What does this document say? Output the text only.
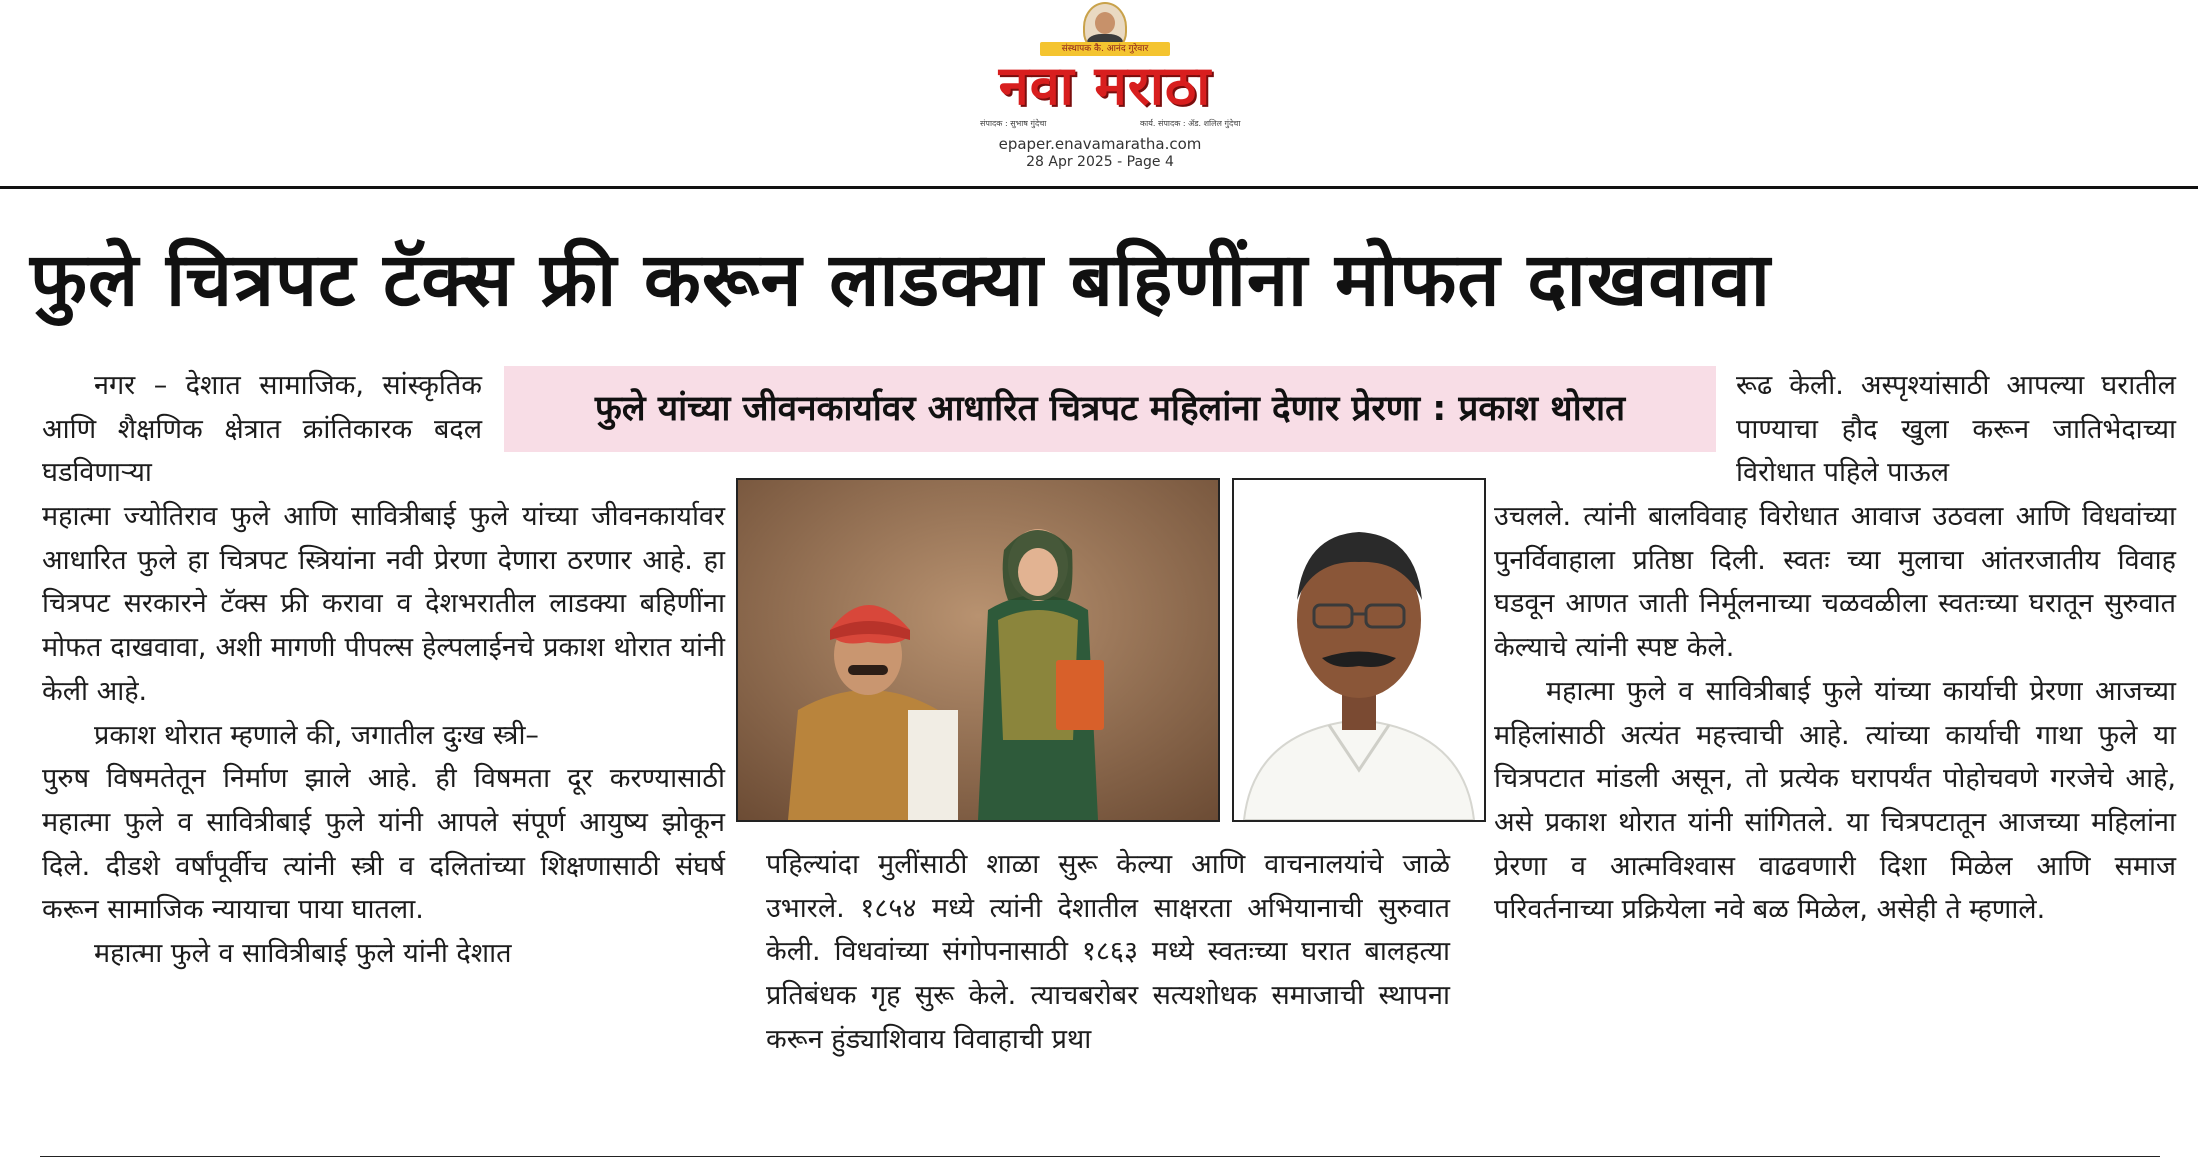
संस्थापक कै. आनंद गुरेवार
नवा मराठा
संपादक : सुभाष गुंदेचा	कार्य. संपादक : ॲड. शलिल गुंदेचा
epaper.enavamaratha.com
28 Apr 2025 - Page 4
फुले चित्रपट टॅक्स फ्री करून लाडक्या बहिणींना मोफत दाखवावा

नगर – देशात सामाजिक, सांस्कृतिक आणि शैक्षणिक क्षेत्रात क्रांतिकारक बदल घडविणाऱ्या

महात्मा ज्योतिराव फुले आणि सावित्रीबाई फुले यांच्या जीवनकार्यावर आधारित फुले हा चित्रपट स्त्रियांना नवी प्रेरणा देणारा ठरणार आहे. हा चित्रपट सरकारने टॅक्स फ्री करावा व देशभरातील लाडक्या बहिणींना मोफत दाखवावा, अशी मागणी पीपल्स हेल्पलाईनचे प्रकाश थोरात यांनी केली आहे.

प्रकाश थोरात म्हणाले की, जगातील दुःख स्त्री–

पुरुष विषमतेतून निर्माण झाले आहे. ही विषमता दूर करण्यासाठी महात्मा फुले व सावित्रीबाई फुले यांनी आपले संपूर्ण आयुष्य झोकून दिले. दीडशे वर्षांपूर्वीच त्यांनी स्त्री व दलितांच्या शिक्षणासाठी संघर्ष करून सामाजिक न्यायाचा पाया घातला.

महात्मा फुले व सावित्रीबाई फुले यांनी देशात

फुले यांच्या जीवनकार्यावर आधारित चित्रपट महिलांना देणार प्रेरणा : प्रकाश थोरात

पहिल्यांदा मुलींसाठी शाळा सुरू केल्या आणि वाचनालयांचे जाळे उभारले. १८५४ मध्ये त्यांनी देशातील साक्षरता अभियानाची सुरुवात केली. विधवांच्या संगोपनासाठी १८६३ मध्ये स्वतःच्या घरात बालहत्या प्रतिबंधक गृह सुरू केले. त्याचबरोबर सत्यशोधक समाजाची स्थापना करून हुंड्याशिवाय विवाहाची प्रथा

रूढ केली. अस्पृश्यांसाठी आपल्या घरातील पाण्याचा हौद खुला करून जातिभेदाच्या विरोधात पहिले पाऊल

उचलले. त्यांनी बालविवाह विरोधात आवाज उठवला आणि विधवांच्या पुनर्विवाहाला प्रतिष्ठा दिली. स्वतः च्या मुलाचा आंतरजातीय विवाह घडवून आणत जाती निर्मूलनाच्या चळवळीला स्वतःच्या घरातून सुरुवात केल्याचे त्यांनी स्पष्ट केले.

महात्मा फुले व सावित्रीबाई फुले यांच्या कार्याची प्रेरणा आजच्या महिलांसाठी अत्यंत महत्त्वाची आहे. त्यांच्या कार्याची गाथा फुले या चित्रपटात मांडली असून, तो प्रत्येक घरापर्यंत पोहोचवणे गरजेचे आहे, असे प्रकाश थोरात यांनी सांगितले. या चित्रपटातून आजच्या महिलांना प्रेरणा व आत्मविश्वास वाढवणारी दिशा मिळेल आणि समाज परिवर्तनाच्या प्रक्रियेला नवे बळ मिळेल, असेही ते म्हणाले.
